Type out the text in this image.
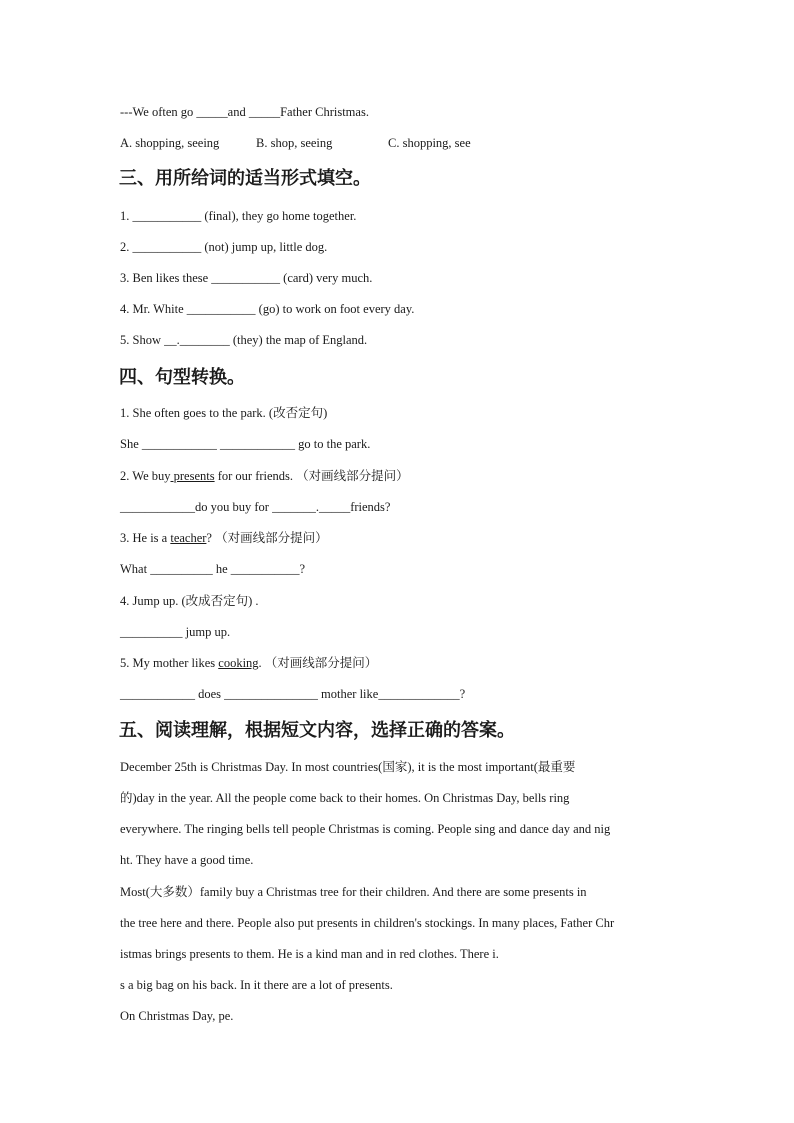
---We often go _____and _____Father Christmas.
A. shopping, seeing	B. shop, seeing	C. shopping, see
三、用所给词的适当形式填空。
1. ___________ (final), they go home together.
2. ___________ (not) jump up, little dog.
3. Ben likes these ___________ (card) very much.
4. Mr. White ___________ (go) to work on foot every day.
5. Show __.________ (they) the map of England.
四、句型转换。
1. She often goes to the park. (改否定句)
She ____________ ____________ go to the park.
2. We buy presents for our friends. （对画线部分提问）
____________do you buy for _______._____friends?
3. He is a teacher? （对画线部分提问）
What __________ he ___________?
4. Jump up. (改成否定句) .
__________ jump up.
5. My mother likes cooking. （对画线部分提问）
____________ does _______________ mother like_____________?
五、阅读理解，根据短文内容，选择正确的答案。
December 25th is Christmas Day. In most countries(国家), it is the most important(最重要
的)day in the year. All the people come back to their homes. On Christmas Day, bells ring
everywhere. The ringing bells tell people Christmas is coming. People sing and dance day and nig
ht. They have a good time.
Most(大多数）family buy a Christmas tree for their children. And there are some presents in
the tree here and there. People also put presents in children's stockings. In many places, Father Chr
istmas brings presents to them. He is a kind man and in red clothes. There i.
s a big bag on his back. In it there are a lot of presents.
On Christmas Day, pe.
